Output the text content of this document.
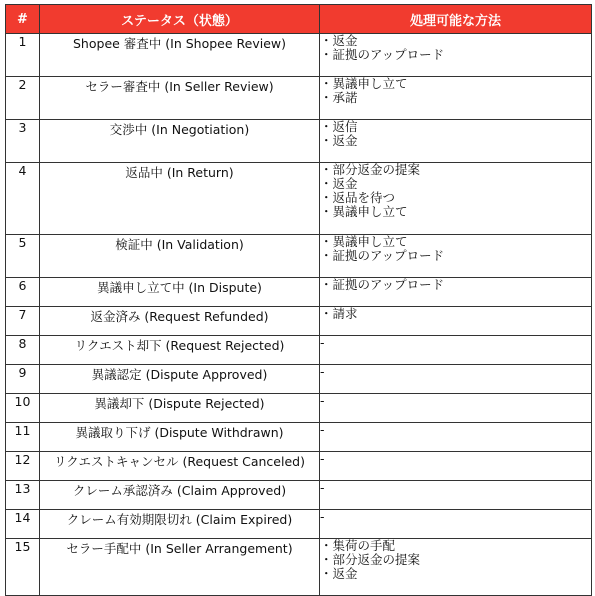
#	ステータス（状態）	処理可能な方法
1	Shopee 審査中 (In Shopee Review)	・返金
・証拠のアップロード

2	セラー審査中 (In Seller Review)	・異議申し立て
・承諾

3	交渉中 (In Negotiation)	・返信
・返金

4	返品中 (In Return)	・部分返金の提案
・返金
・返品を待つ
・異議申し立て

5	検証中 (In Validation)	・異議申し立て
・証拠のアップロード

6	異議申し立て中 (In Dispute)	・証拠のアップロード

7	返金済み (Request Refunded)	・請求

8	リクエスト却下 (Request Rejected)	-

9	異議認定 (Dispute Approved)	-

10	異議却下 (Dispute Rejected)	-

11	異議取り下げ (Dispute Withdrawn)	-

12	リクエストキャンセル (Request Canceled)	-

13	クレーム承認済み (Claim Approved)	-

14	クレーム有効期限切れ (Claim Expired)	-

15	セラー手配中 (In Seller Arrangement)	・集荷の手配
・部分返金の提案
・返金
